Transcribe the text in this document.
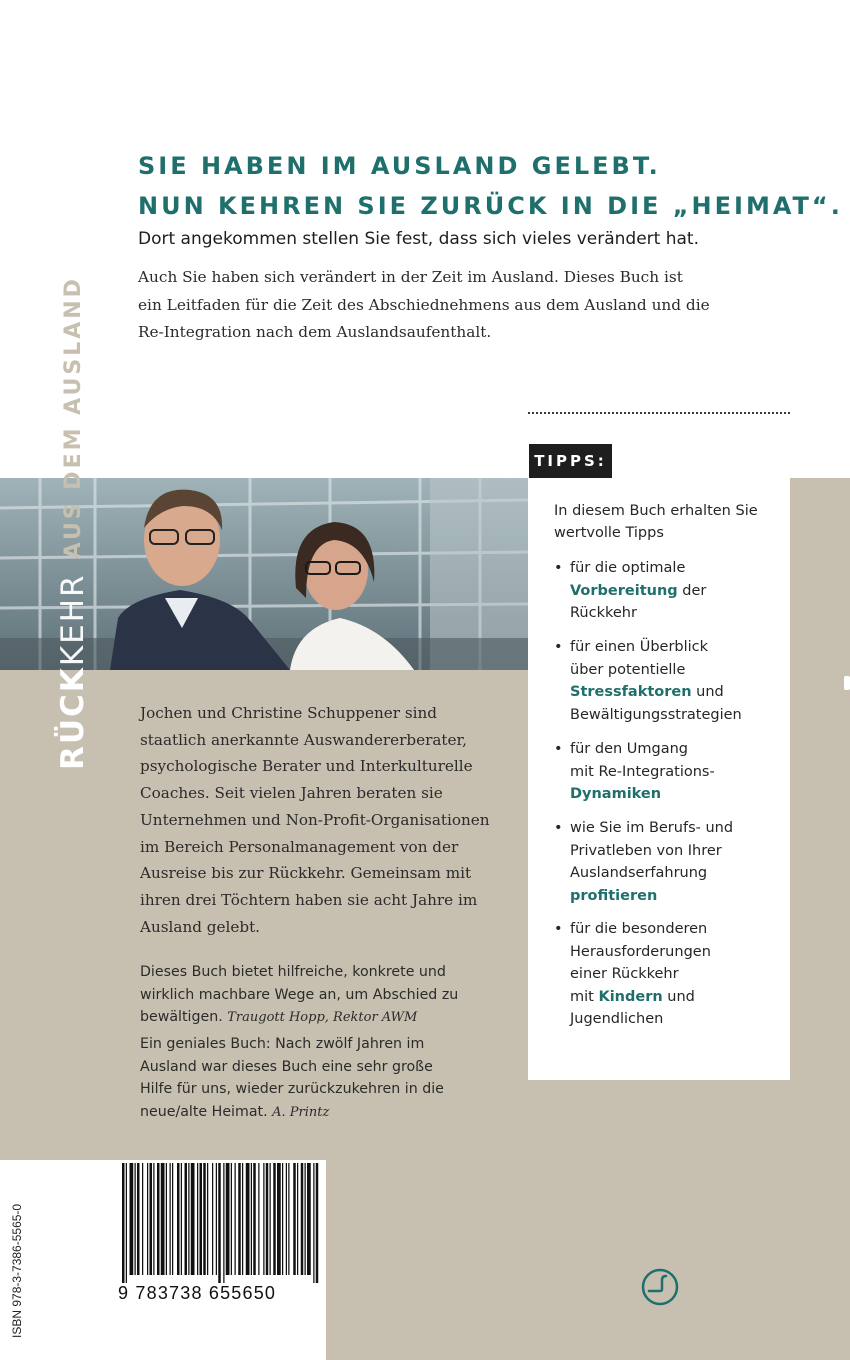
RÜCK
KEHR
AUS DEM AUSLAND
SIE HABEN IM AUSLAND GELEBT.
NUN KEHREN SIE ZURÜCK IN DIE „HEIMAT“.
Dort angekommen stellen Sie fest, dass sich vieles verändert hat.
Auch Sie haben sich verändert in der Zeit im Ausland. Dieses Buch ist
ein Leitfaden für die Zeit des Abschiednehmens aus dem Ausland und die
Re-Integration nach dem Auslandsaufenthalt.
TIPPS:
In diesem Buch erhalten Sie wertvolle Tipps
• für die optimale
Vorbereitung der
Rückkehr
• für einen Überblick
über potentielle
Stressfaktoren und
Bewältigungsstrategien
• für den Umgang
mit Re-Integrations-
Dynamiken
• wie Sie im Berufs- und
Privatleben von Ihrer
Auslandserfahrung
profitieren
• für die besonderen
Herausforderungen
einer Rückkehr
mit Kindern und
Jugendlichen
Jochen und Christine Schuppener sind
staatlich anerkannte Auswandererberater,
psychologische Berater und Interkulturelle
Coaches. Seit vielen Jahren beraten sie
Unternehmen und Non-Profit-Organisationen
im Bereich Personalmanagement von der
Ausreise bis zur Rückkehr. Gemeinsam mit
ihren drei Töchtern haben sie acht Jahre im
Ausland gelebt.
Dieses Buch bietet hilfreiche, konkrete und
wirklich machbare Wege an, um Abschied zu
bewältigen. Traugott Hopp, Rektor AWM
Ein geniales Buch: Nach zwölf Jahren im
Ausland war dieses Buch eine sehr große
Hilfe für uns, wieder zurückzukehren in die
neue/alte Heimat. A. Printz
ISBN 978-3-7386-5565-0	9 783738 655650
